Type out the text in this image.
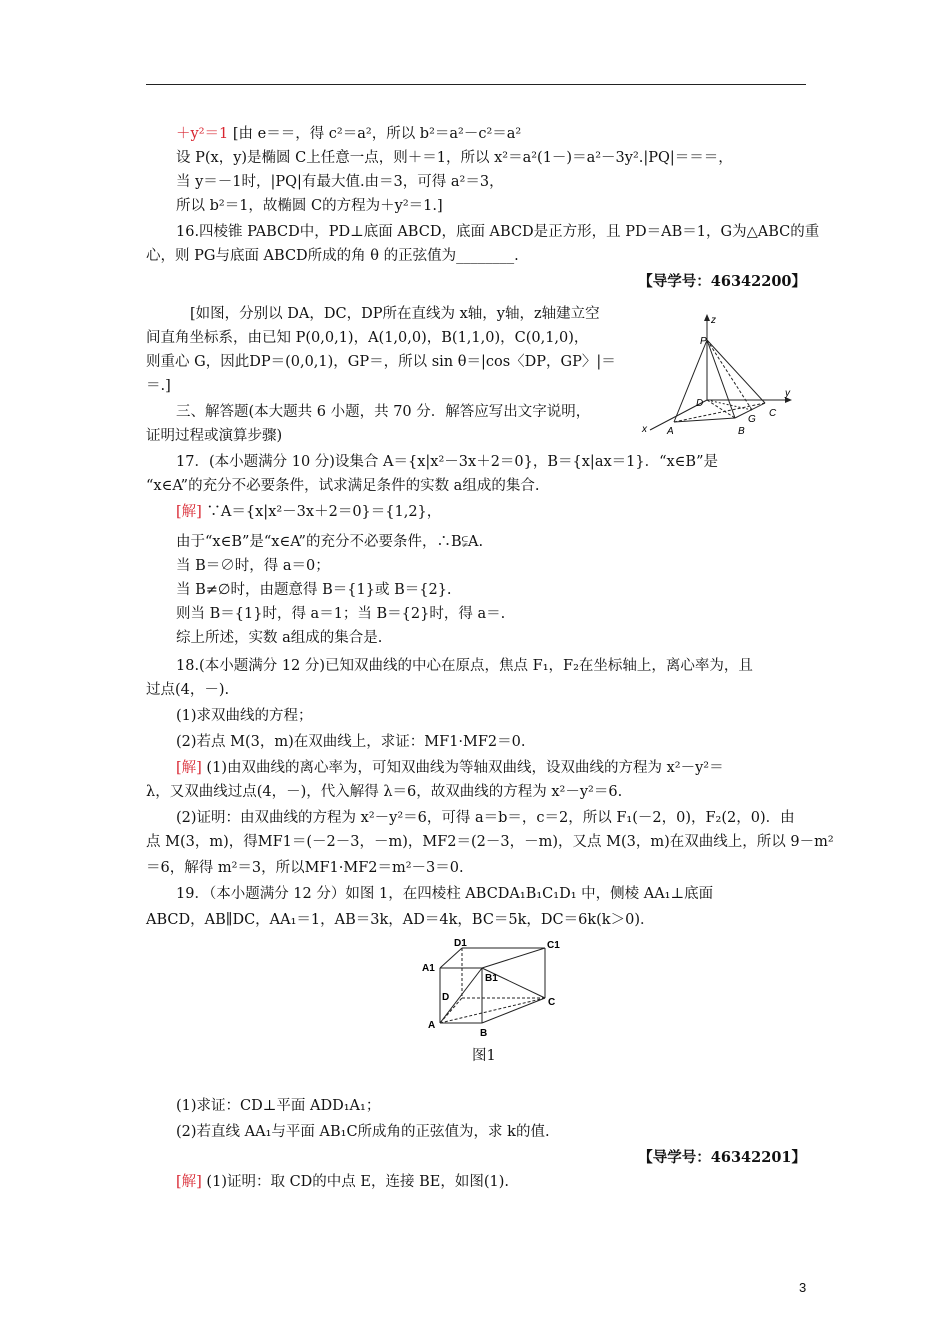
＋y²＝1 [由 e＝＝，得 c²＝a²，所以 b²＝a²－c²＝a²
设 P(x，y)是椭圆 C上任意一点，则＋＝1，所以 x²＝a²(1－)＝a²－3y².|PQ|＝＝＝，
当 y＝－1时，|PQ|有最大值.由＝3，可得 a²＝3，
所以 b²＝1，故椭圆 C的方程为＋y²＝1.]
16.四棱锥 PABCD中，PD⊥底面 ABCD，底面 ABCD是正方形，且 PD＝AB＝1，G为△ABC的重
心，则 PG与底面 ABCD所成的角 θ 的正弦值为________.
【导学号：46342200】
[如图，分别以 DA，DC，DP所在直线为 x轴，y轴，z轴建立空
间直角坐标系，由已知 P(0,0,1)，A(1,0,0)，B(1,1,0)，C(0,1,0)，
则重心 G，因此DP＝(0,0,1)，GP＝，所以 sin θ＝|cos〈DP，GP〉|＝
＝.]
三、解答题(本大题共 6 小题，共 70 分．解答应写出文字说明，
证明过程或演算步骤)
17．(本小题满分 10 分)设集合 A＝{x|x²－3x＋2＝0}，B＝{x|ax＝1}．“x∈B”是
“x∈A”的充分不必要条件，试求满足条件的实数 a组成的集合.
[解] ∵A＝{x|x²－3x＋2＝0}＝{1,2}，
由于“x∈B”是“x∈A”的充分不必要条件，∴B⫋A.
当 B＝∅时，得 a＝0；
当 B≠∅时，由题意得 B＝{1}或 B＝{2}.
则当 B＝{1}时，得 a＝1；当 B＝{2}时，得 a＝.
综上所述，实数 a组成的集合是.
18.(本小题满分 12 分)已知双曲线的中心在原点，焦点 F₁，F₂在坐标轴上，离心率为，且
过点(4，－).
(1)求双曲线的方程；
(2)若点 M(3，m)在双曲线上，求证：MF1·MF2＝0.
[解] (1)由双曲线的离心率为，可知双曲线为等轴双曲线，设双曲线的方程为 x²－y²＝
λ，又双曲线过点(4，－)，代入解得 λ＝6，故双曲线的方程为 x²－y²＝6.
(2)证明：由双曲线的方程为 x²－y²＝6，可得 a＝b＝，c＝2，所以 F₁(－2，0)，F₂(2，0)．由
点 M(3，m)，得MF1＝(－2－3，－m)，MF2＝(2－3，－m)，又点 M(3，m)在双曲线上，所以 9－m²
＝6，解得 m²＝3，所以MF1·MF2＝m²－3＝0.
19．（本小题满分 12 分）如图 1，在四棱柱 ABCDA₁B₁C₁D₁ 中，侧棱 AA₁⊥底面
ABCD，AB∥DC，AA₁＝1，AB＝3k，AD＝4k，BC＝5k，DC＝6k(k＞0)．
(1)求证：CD⊥平面 ADD₁A₁；
(2)若直线 AA₁与平面 AB₁C所成角的正弦值为，求 k的值.
【导学号：46342201】
[解] (1)证明：取 CD的中点 E，连接 BE，如图(1).
z
P
y
x
D
A	B
C
G
D1	C1
A1
B1
D	C
A
B
图1
3
